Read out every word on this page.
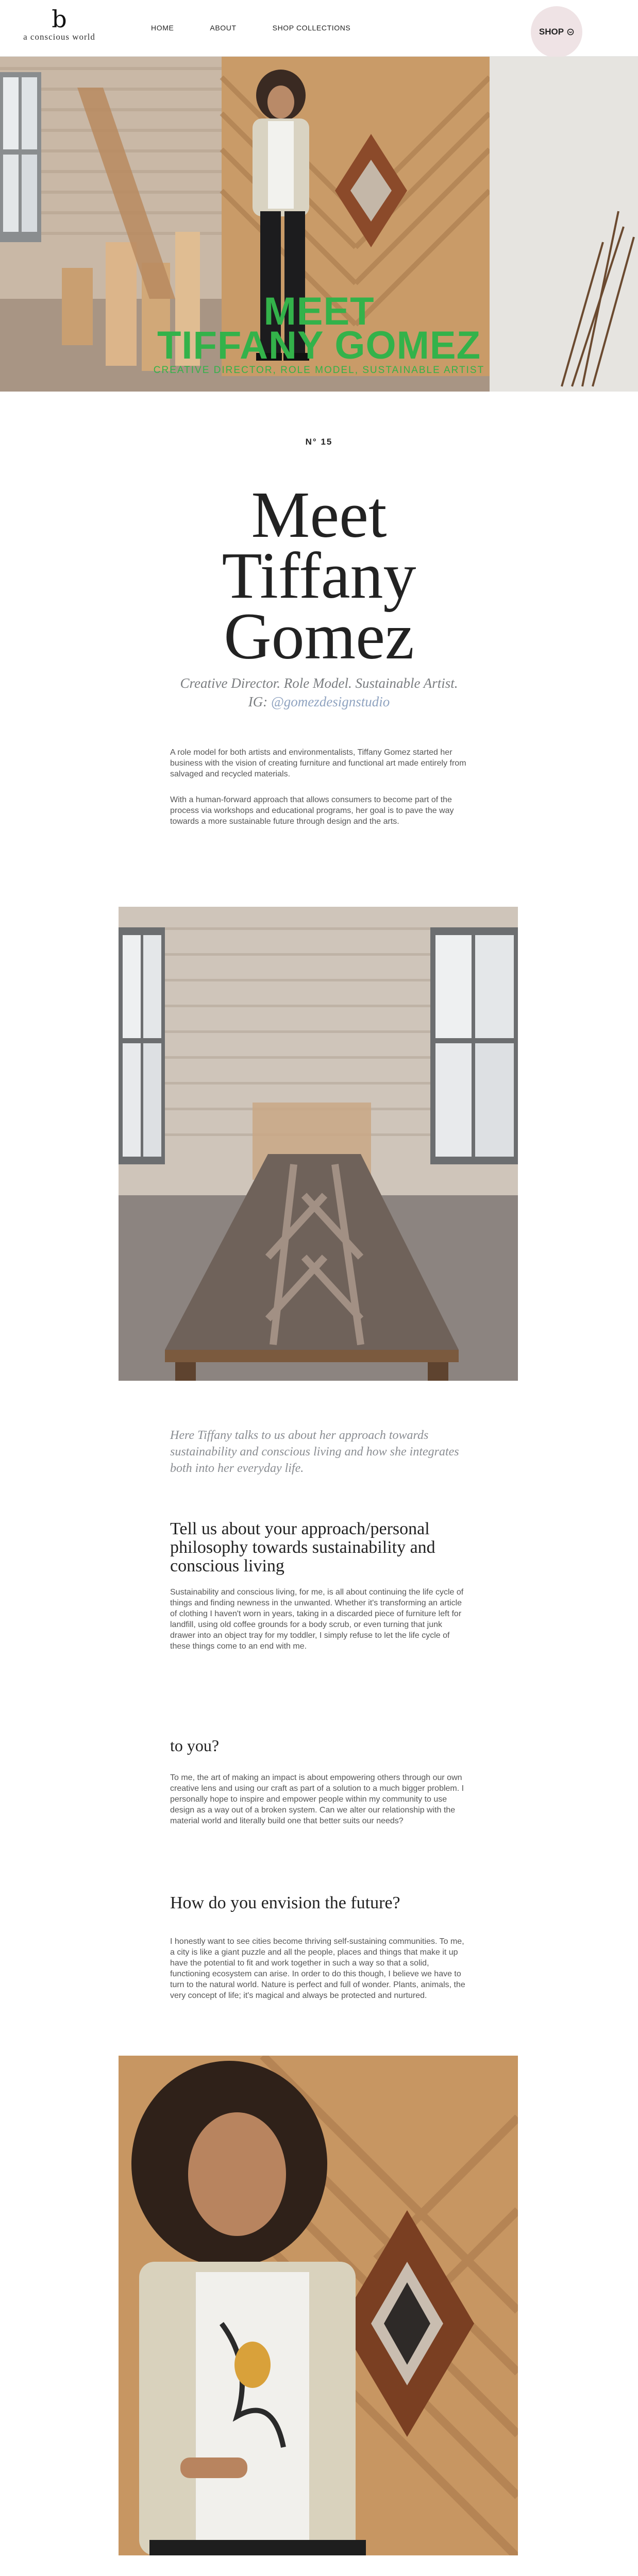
b
a conscious world
HOME	ABOUT	SHOP COLLECTIONS	SHOP
MEET
TIFFANY GOMEZ
CREATIVE DIRECTOR, ROLE MODEL, SUSTAINABLE ARTIST
N° 15
Meet
Tiffany
Gomez
Creative Director. Role Model. Sustainable Artist.
IG: @gomezdesignstudio
A role model for both artists and environmentalists, Tiffany Gomez started her business with the vision of creating furniture and functional art made entirely from salvaged and recycled materials.
With a human-forward approach that allows consumers to become part of the process via workshops and educational programs, her goal is to pave the way towards a more sustainable future through design and the arts.
Here Tiffany talks to us about her approach towards sustainability and conscious living and how she integrates both into her everyday life.
Tell us about your approach/personal philosophy towards sustainability and conscious living
Sustainability and conscious living, for me, is all about continuing the life cycle of things and finding newness in the unwanted. Whether it's transforming an article of clothing I haven't worn in years, taking in a discarded piece of furniture left for landfill, using old coffee grounds for a body scrub, or even turning that junk drawer into an object tray for my toddler, I simply refuse to let the life cycle of these things come to an end with me.
to you?
To me, the art of making an impact is about empowering others through our own creative lens and using our craft as part of a solution to a much bigger problem. I personally hope to inspire and empower people within my community to use design as a way out of a broken system. Can we alter our relationship with the material world and literally build one that better suits our needs?
How do you envision the future?
I honestly want to see cities become thriving self-sustaining communities. To me, a city is like a giant puzzle and all the people, places and things that make it up have the potential to fit and work together in such a way so that a solid, functioning ecosystem can arise. In order to do this though, I believe we have to turn to the natural world. Nature is perfect and full of wonder. Plants, animals, the very concept of life; it's magical and always be protected and nurtured.
